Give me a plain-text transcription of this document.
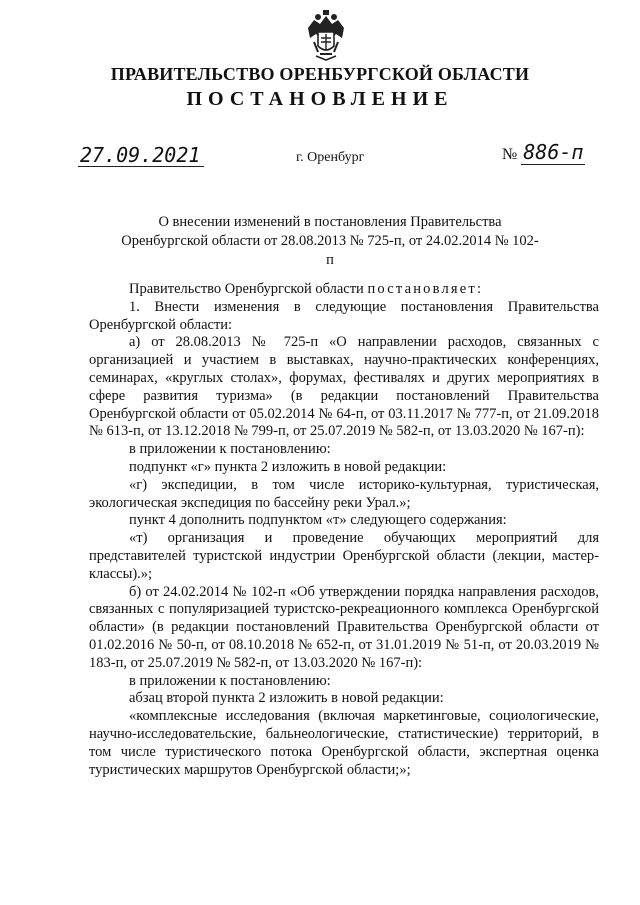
ПРАВИТЕЛЬСТВО ОРЕНБУРГСКОЙ ОБЛАСТИ
ПОСТАНОВЛЕНИЕ
27.09.2021	г. Оренбург	№ 886-п
О внесении изменений в постановления Правительства Оренбургской области от 28.08.2013 № 725-п, от 24.02.2014 № 102-п

Правительство Оренбургской области постановляет:

1. Внести изменения в следующие постановления Правительства Оренбургской области:

а) от 28.08.2013 № 725-п «О направлении расходов, связанных с организацией и участием в выставках, научно-практических конференциях, семинарах, «круглых столах», форумах, фестивалях и других мероприятиях в сфере развития туризма» (в редакции постановлений Правительства Оренбургской области от 05.02.2014 № 64-п, от 03.11.2017 № 777-п, от 21.09.2018 № 613-п, от 13.12.2018 № 799-п, от 25.07.2019 № 582-п, от 13.03.2020 № 167-п):

в приложении к постановлению:

подпункт «г» пункта 2 изложить в новой редакции:

«г) экспедиции, в том числе историко-культурная, туристическая, экологическая экспедиция по бассейну реки Урал.»;

пункт 4 дополнить подпунктом «т» следующего содержания:

«т) организация и проведение обучающих мероприятий для представителей туристской индустрии Оренбургской области (лекции, мастер-классы).»;

б) от 24.02.2014 № 102-п «Об утверждении порядка направления расходов, связанных с популяризацией туристско-рекреационного комплекса Оренбургской области» (в редакции постановлений Правительства Оренбургской области от 01.02.2016 № 50-п, от 08.10.2018 № 652-п, от 31.01.2019 № 51-п, от 20.03.2019 № 183-п, от 25.07.2019 № 582-п, от 13.03.2020 № 167-п):

в приложении к постановлению:

абзац второй пункта 2 изложить в новой редакции:

«комплексные исследования (включая маркетинговые, социологические, научно-исследовательские, бальнеологические, статистические) территорий, в том числе туристического потока Оренбургской области, экспертная оценка туристических маршрутов Оренбургской области;»;
